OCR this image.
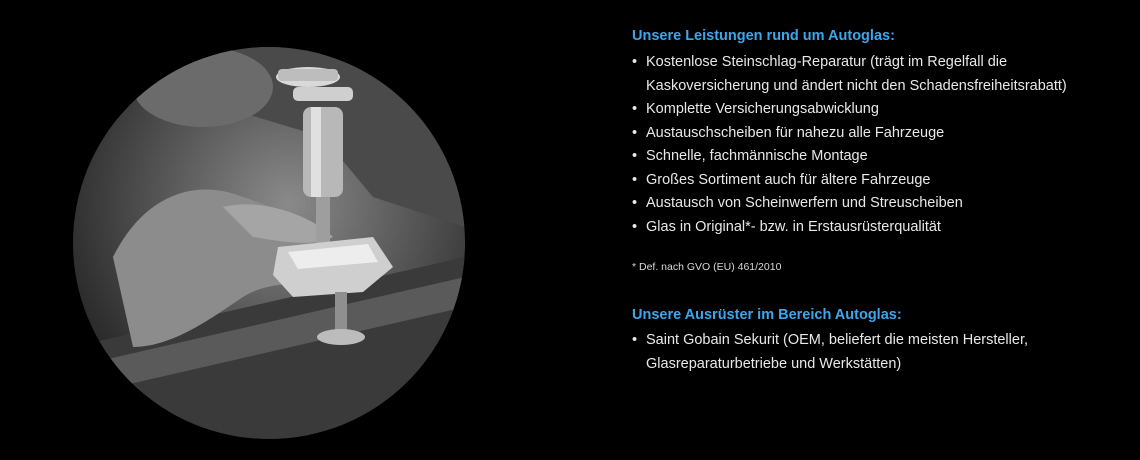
Unsere Leistungen rund um Autoglas:
• Kostenlose Steinschlag-Reparatur (trägt im Regelfall die Kaskoversicherung und ändert nicht den Schadensfreiheitsrabatt)
• Komplette Versicherungsabwicklung
• Austauschscheiben für nahezu alle Fahrzeuge
• Schnelle, fachmännische Montage
• Großes Sortiment auch für ältere Fahrzeuge
• Austausch von Scheinwerfern und Streuscheiben
• Glas in Original*- bzw. in Erstausrüsterqualität
* Def. nach GVO (EU) 461/2010
Unsere Ausrüster im Bereich Autoglas:
• Saint Gobain Sekurit (OEM, beliefert die meisten Hersteller, Glasreparaturbetriebe und Werkstätten)
